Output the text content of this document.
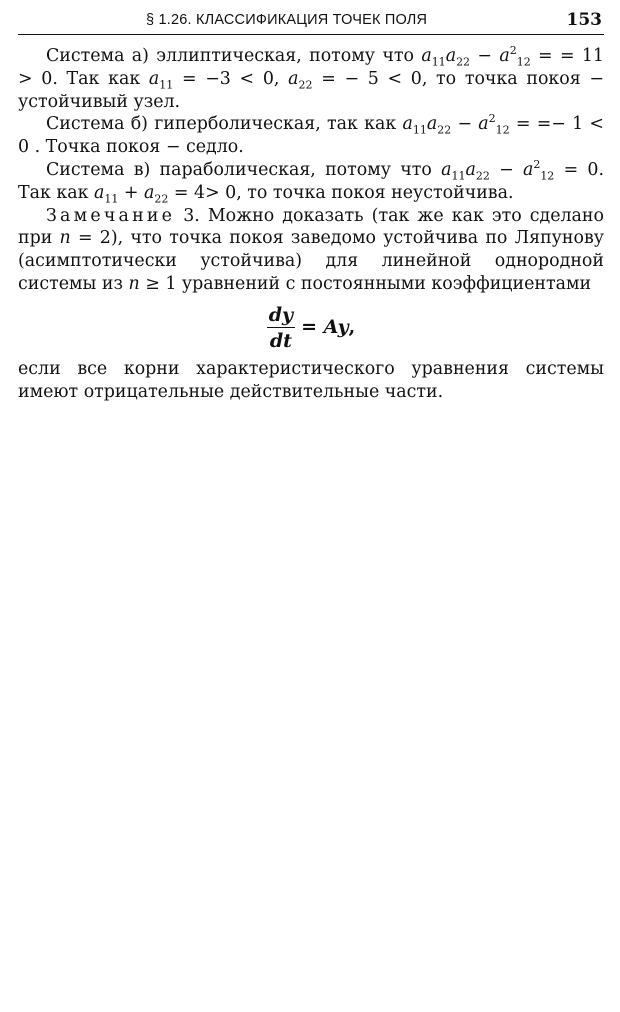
§ 1.26. КЛАССИФИКАЦИЯ ТОЧЕК ПОЛЯ	153

Система а) эллиптическая, потому что $a_{11}a_{22} - a^2_{12}$ = = 11 > 0. Так как $a_{11} = -3 < 0$, $a_{22}$ = − 5 < 0, то точка покоя − устойчивый узел.

Система б) гиперболическая, так как $a_{11}a_{22} - a^2_{12}$ = =− 1 < 0 . Точка покоя − седло.

Система в) параболическая, потому что $a_{11}a_{22} - a^2_{12} = 0$. Так как $a_{11} + a_{22} = 4> 0$, то точка покоя неустойчива.

Замечание 3. Можно доказать (так же как это сделано при n = 2), что точка покоя заведомо устойчива по Ляпунову (асимптотически устойчива) для линейной однородной системы из n ≥ 1 уравнений с постоянными коэффициентами

$\frac{dy}{dt} = Ay$,

если все корни характеристического уравнения системы имеют отрицательные действительные части.
